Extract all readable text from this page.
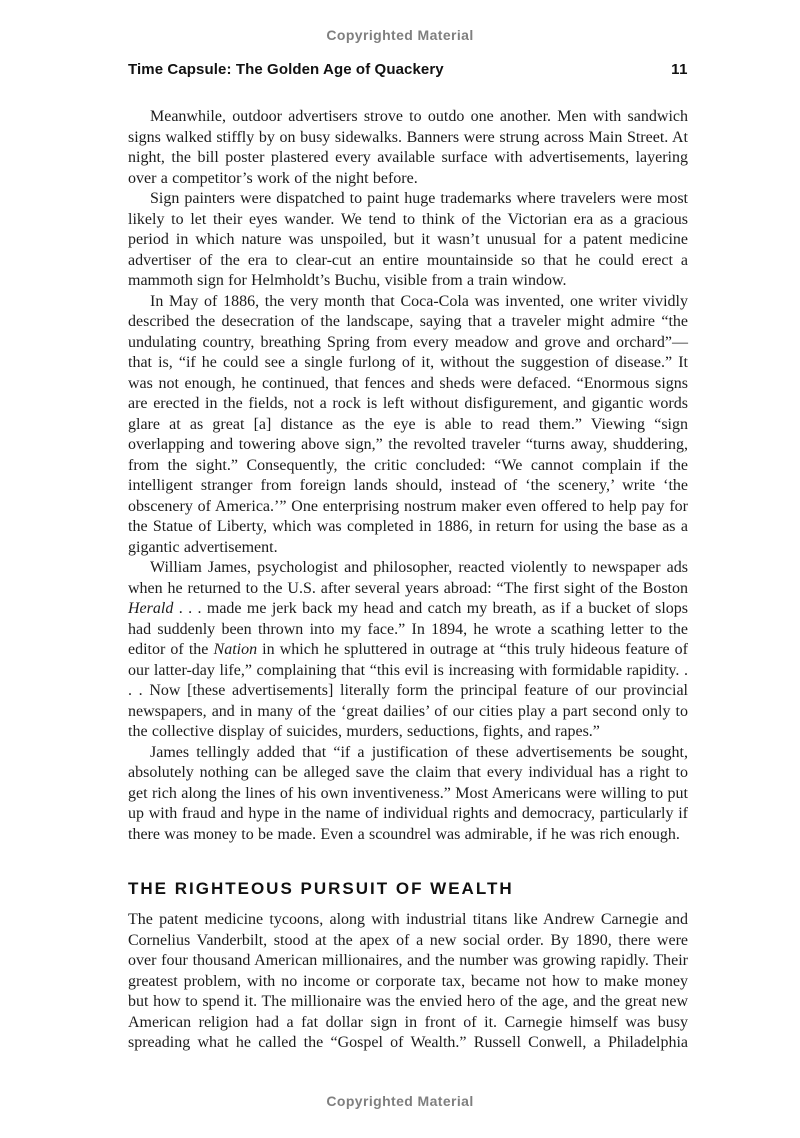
Copyrighted Material
Time Capsule: The Golden Age of Quackery	11

Meanwhile, outdoor advertisers strove to outdo one another. Men with sandwich signs walked stiffly by on busy sidewalks. Banners were strung across Main Street. At night, the bill poster plastered every available surface with advertisements, layering over a competitor’s work of the night before.

Sign painters were dispatched to paint huge trademarks where travelers were most likely to let their eyes wander. We tend to think of the Victorian era as a gracious period in which nature was unspoiled, but it wasn’t unusual for a patent medicine advertiser of the era to clear-cut an entire mountainside so that he could erect a mammoth sign for Helmholdt’s Buchu, visible from a train window.

In May of 1886, the very month that Coca-Cola was invented, one writer vividly described the desecration of the landscape, saying that a traveler might admire “the undulating country, breathing Spring from every meadow and grove and orchard”—that is, “if he could see a single furlong of it, without the suggestion of disease.” It was not enough, he continued, that fences and sheds were defaced. “Enormous signs are erected in the fields, not a rock is left without disfigurement, and gigantic words glare at as great [a] distance as the eye is able to read them.” Viewing “sign overlapping and towering above sign,” the revolted traveler “turns away, shuddering, from the sight.” Consequently, the critic concluded: “We cannot complain if the intelligent stranger from foreign lands should, instead of ‘the scenery,’ write ‘the obscenery of America.’” One enterprising nostrum maker even offered to help pay for the Statue of Liberty, which was completed in 1886, in return for using the base as a gigantic advertisement.

William James, psychologist and philosopher, reacted violently to newspaper ads when he returned to the U.S. after several years abroad: “The first sight of the Boston Herald . . . made me jerk back my head and catch my breath, as if a bucket of slops had suddenly been thrown into my face.” In 1894, he wrote a scathing letter to the editor of the Nation in which he spluttered in outrage at “this truly hideous feature of our latter-day life,” complaining that “this evil is increasing with formidable rapidity. . . . Now [these advertisements] literally form the principal feature of our provincial newspapers, and in many of the ‘great dailies’ of our cities play a part second only to the collective display of suicides, murders, seductions, fights, and rapes.”

James tellingly added that “if a justification of these advertisements be sought, absolutely nothing can be alleged save the claim that every individual has a right to get rich along the lines of his own inventiveness.” Most Americans were willing to put up with fraud and hype in the name of individual rights and democracy, particularly if there was money to be made. Even a scoundrel was admirable, if he was rich enough.

THE RIGHTEOUS PURSUIT OF WEALTH

The patent medicine tycoons, along with industrial titans like Andrew Carnegie and Cornelius Vanderbilt, stood at the apex of a new social order. By 1890, there were over four thousand American millionaires, and the number was growing rapidly. Their greatest problem, with no income or corporate tax, became not how to make money but how to spend it. The millionaire was the envied hero of the age, and the great new American religion had a fat dollar sign in front of it. Carnegie himself was busy spreading what he called the “Gospel of Wealth.” Russell Conwell, a Philadelphia

Copyrighted Material
